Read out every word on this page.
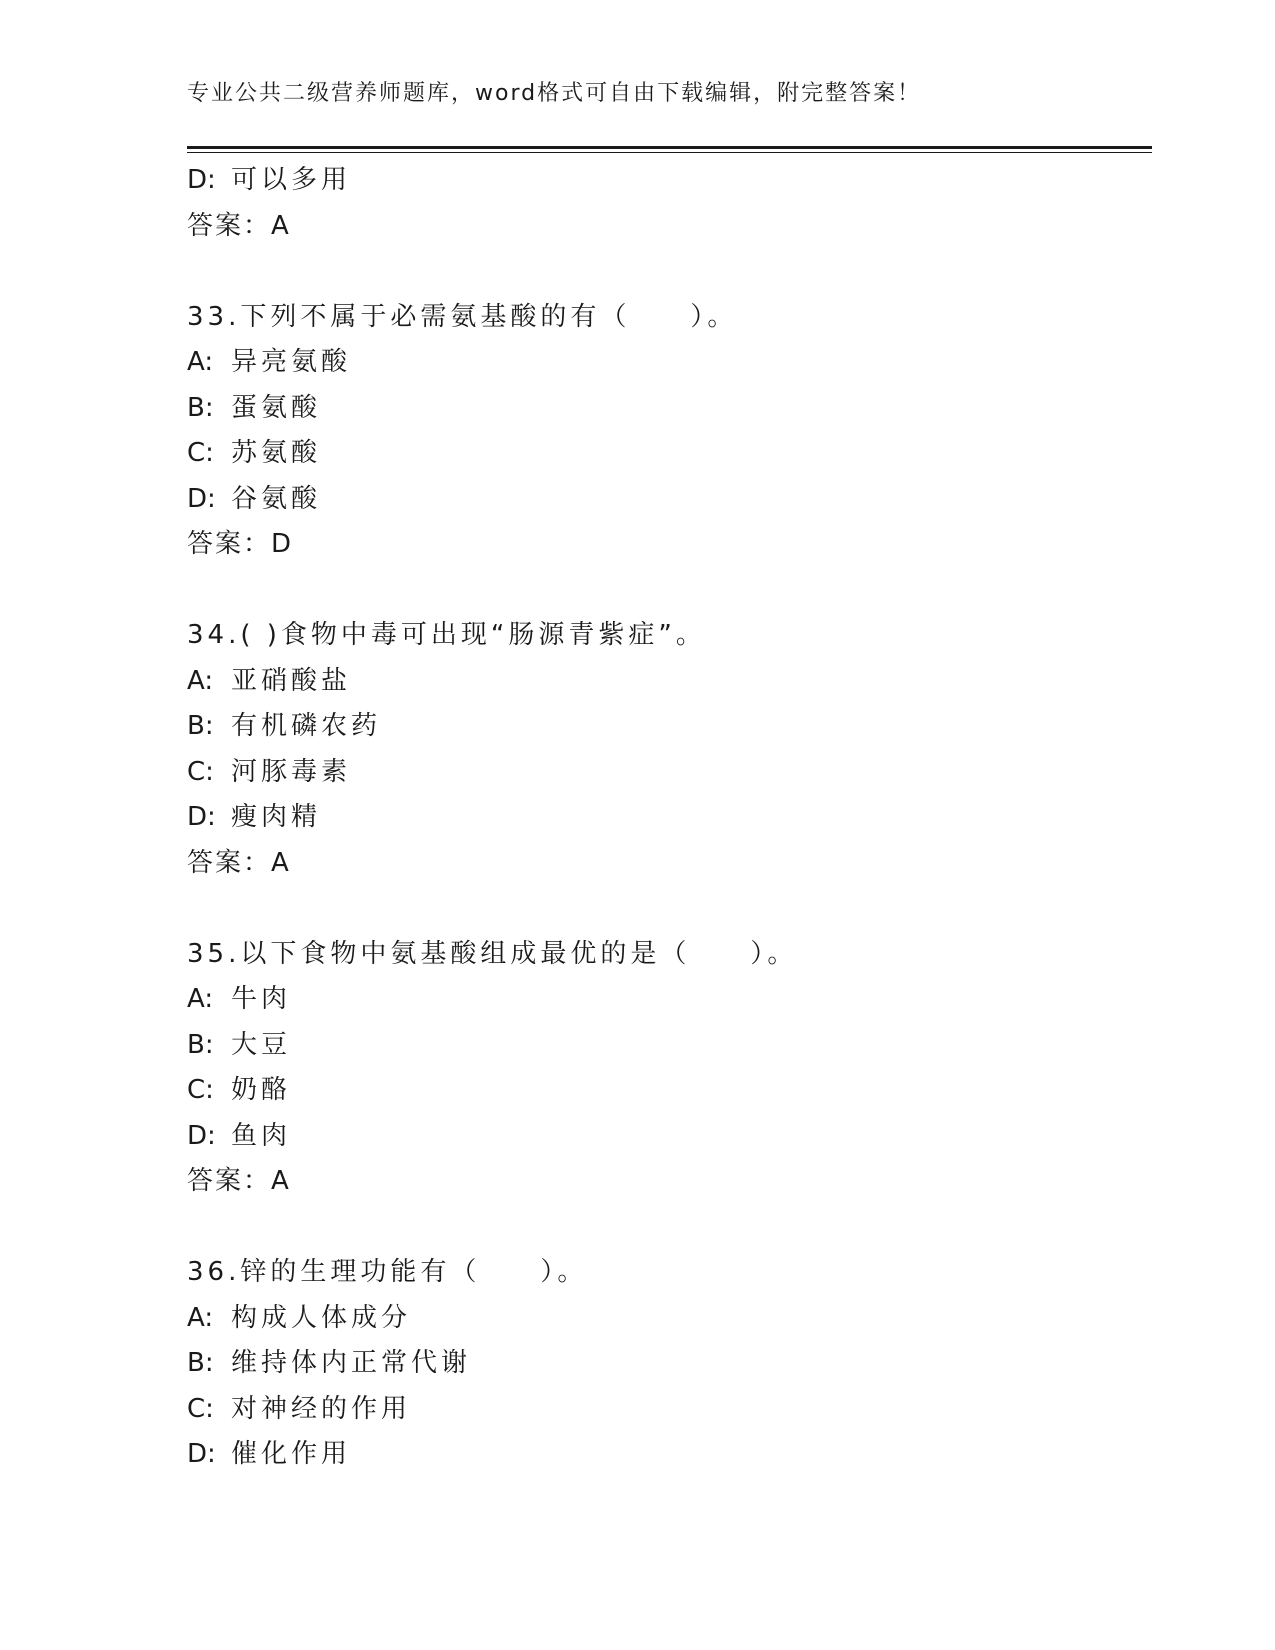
专业公共二级营养师题库，word格式可自由下载编辑，附完整答案！
D: 可以多用
答案：A
33.下列不属于必需氨基酸的有（　　）。
A: 异亮氨酸
B: 蛋氨酸
C: 苏氨酸
D: 谷氨酸
答案：D
34.( )食物中毒可出现“肠源青紫症”。
A: 亚硝酸盐
B: 有机磷农药
C: 河豚毒素
D: 瘦肉精
答案：A
35.以下食物中氨基酸组成最优的是（　　）。
A: 牛肉
B: 大豆
C: 奶酪
D: 鱼肉
答案：A
36.锌的生理功能有（　　）。
A: 构成人体成分
B: 维持体内正常代谢
C: 对神经的作用
D: 催化作用
